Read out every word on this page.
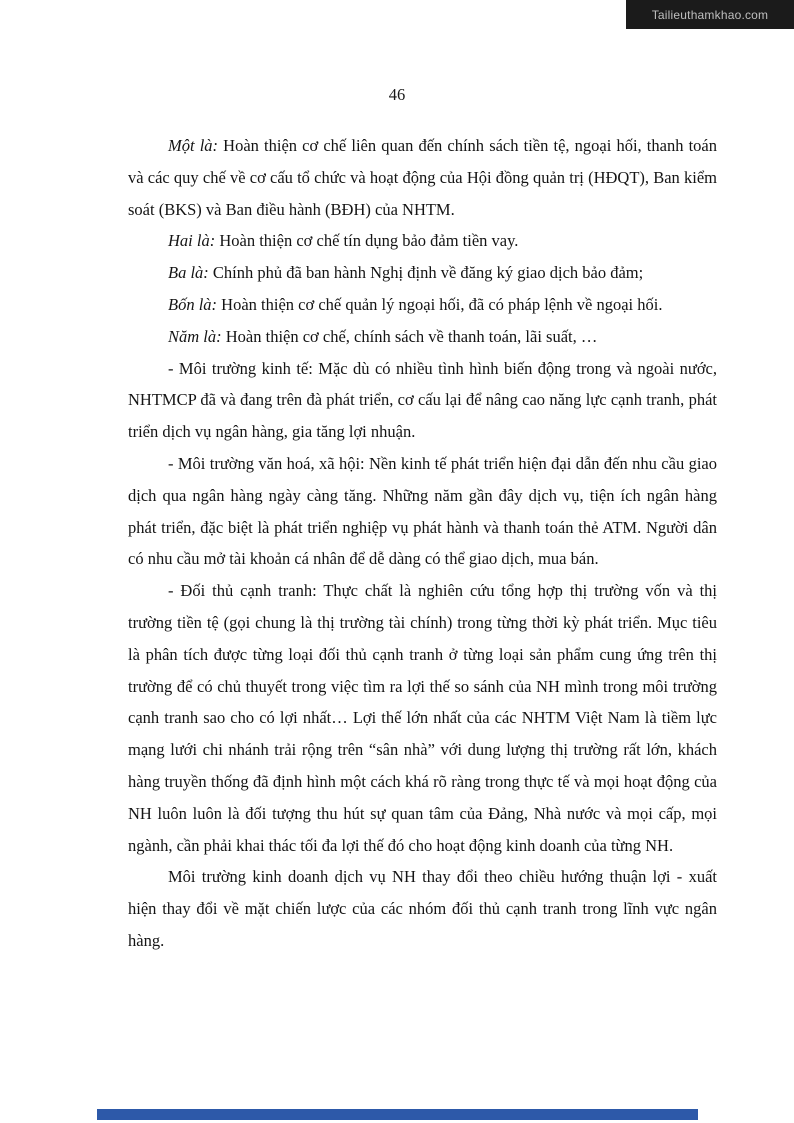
Tailieuthamkhao.com
46

Một là: Hoàn thiện cơ chế liên quan đến chính sách tiền tệ, ngoại hối, thanh toán và các quy chế về cơ cấu tổ chức và hoạt động của Hội đồng quản trị (HĐQT), Ban kiểm soát (BKS) và Ban điều hành (BĐH) của NHTM.

Hai là: Hoàn thiện cơ chế tín dụng bảo đảm tiền vay.

Ba là: Chính phủ đã ban hành Nghị định về đăng ký giao dịch bảo đảm;

Bốn là: Hoàn thiện cơ chế quản lý ngoại hối, đã có pháp lệnh về ngoại hối.

Năm là: Hoàn thiện cơ chế, chính sách về thanh toán, lãi suất, …

- Môi trường kinh tế: Mặc dù có nhiều tình hình biến động trong và ngoài nước, NHTMCP đã và đang trên đà phát triển, cơ cấu lại để nâng cao năng lực cạnh tranh, phát triển dịch vụ ngân hàng, gia tăng lợi nhuận.

- Môi trường văn hoá, xã hội: Nền kinh tế phát triển hiện đại dẫn đến nhu cầu giao dịch qua ngân hàng ngày càng tăng. Những năm gần đây dịch vụ, tiện ích ngân hàng phát triển, đặc biệt là phát triển nghiệp vụ phát hành và thanh toán thẻ ATM. Người dân có nhu cầu mở tài khoản cá nhân để dễ dàng có thể giao dịch, mua bán.

- Đối thủ cạnh tranh: Thực chất là nghiên cứu tổng hợp thị trường vốn và thị trường tiền tệ (gọi chung là thị trường tài chính) trong từng thời kỳ phát triển. Mục tiêu là phân tích được từng loại đối thủ cạnh tranh ở từng loại sản phẩm cung ứng trên thị trường để có chủ thuyết trong việc tìm ra lợi thế so sánh của NH mình trong môi trường cạnh tranh sao cho có lợi nhất… Lợi thế lớn nhất của các NHTM Việt Nam là tiềm lực mạng lưới chi nhánh trải rộng trên “sân nhà” với dung lượng thị trường rất lớn, khách hàng truyền thống đã định hình một cách khá rõ ràng trong thực tế và mọi hoạt động của NH luôn luôn là đối tượng thu hút sự quan tâm của Đảng, Nhà nước và mọi cấp, mọi ngành, cần phải khai thác tối đa lợi thế đó cho hoạt động kinh doanh của từng NH.

Môi trường kinh doanh dịch vụ NH thay đổi theo chiều hướng thuận lợi - xuất hiện thay đổi về mặt chiến lược của các nhóm đối thủ cạnh tranh trong lĩnh vực ngân hàng.
